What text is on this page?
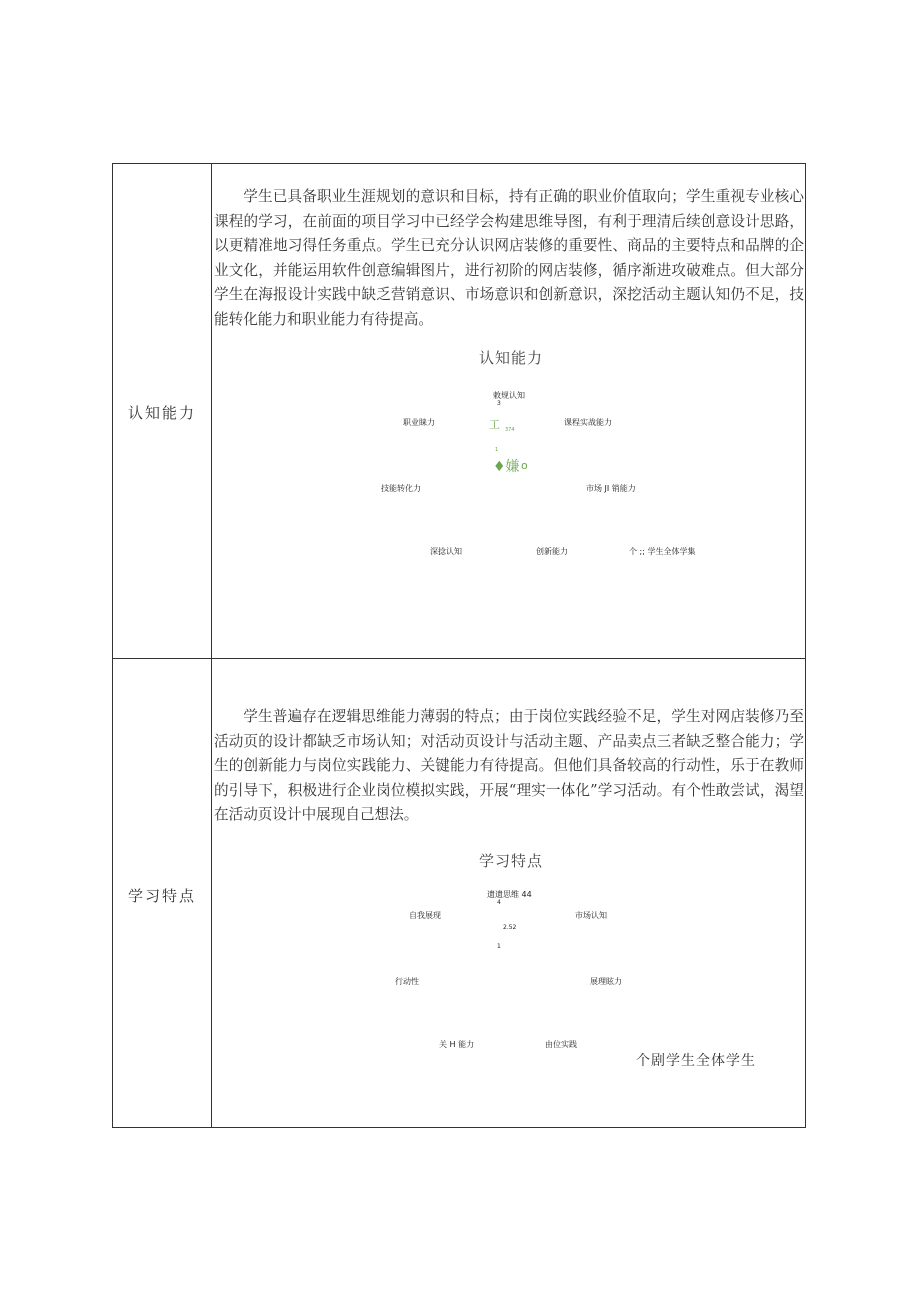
认知能力

学生已具备职业生涯规划的意识和目标，持有正确的职业价值取向；学生重视专业核心课程的学习，在前面的项目学习中已经学会构建思维导图，有利于理清后续创意设计思路，以更精准地习得任务重点。学生已充分认识网店装修的重要性、商品的主要特点和品牌的企业文化，并能运用软件创意编辑图片，进行初阶的网店装修，循序渐进攻破难点。但大部分学生在海报设计实践中缺乏营销意识、市场意识和创新意识，深挖活动主题认知仍不足，技能转化能力和职业能力有待提高。

认知能力
敕规认知
3
课程实战能力
职业睐力	工 374
1
♦嫌 o
技能转化力	市场 JI 销能力
深捻认知	创新能力	个 ;; 学生全体学集
学习特点

学生普遍存在逻辑思维能力薄弱的特点；由于岗位实践经验不足，学生对网店装修乃至活动页的设计都缺乏市场认知；对活动页设计与活动主题、产品卖点三者缺乏整合能力；学生的创新能力与岗位实践能力、关键能力有待提高。但他们具备较高的行动性，乐于在教师的引导下，积极进行企业岗位模拟实践，开展“理实一体化”学习活动。有个性敢尝试，渴望在活动页设计中展现自己想法。

学习特点
遗遗思维 44
4
自我展现	市场认知
2.52
1
行动性	展理眩力
关 H 能力	由位实践
个剧学生全体学生
